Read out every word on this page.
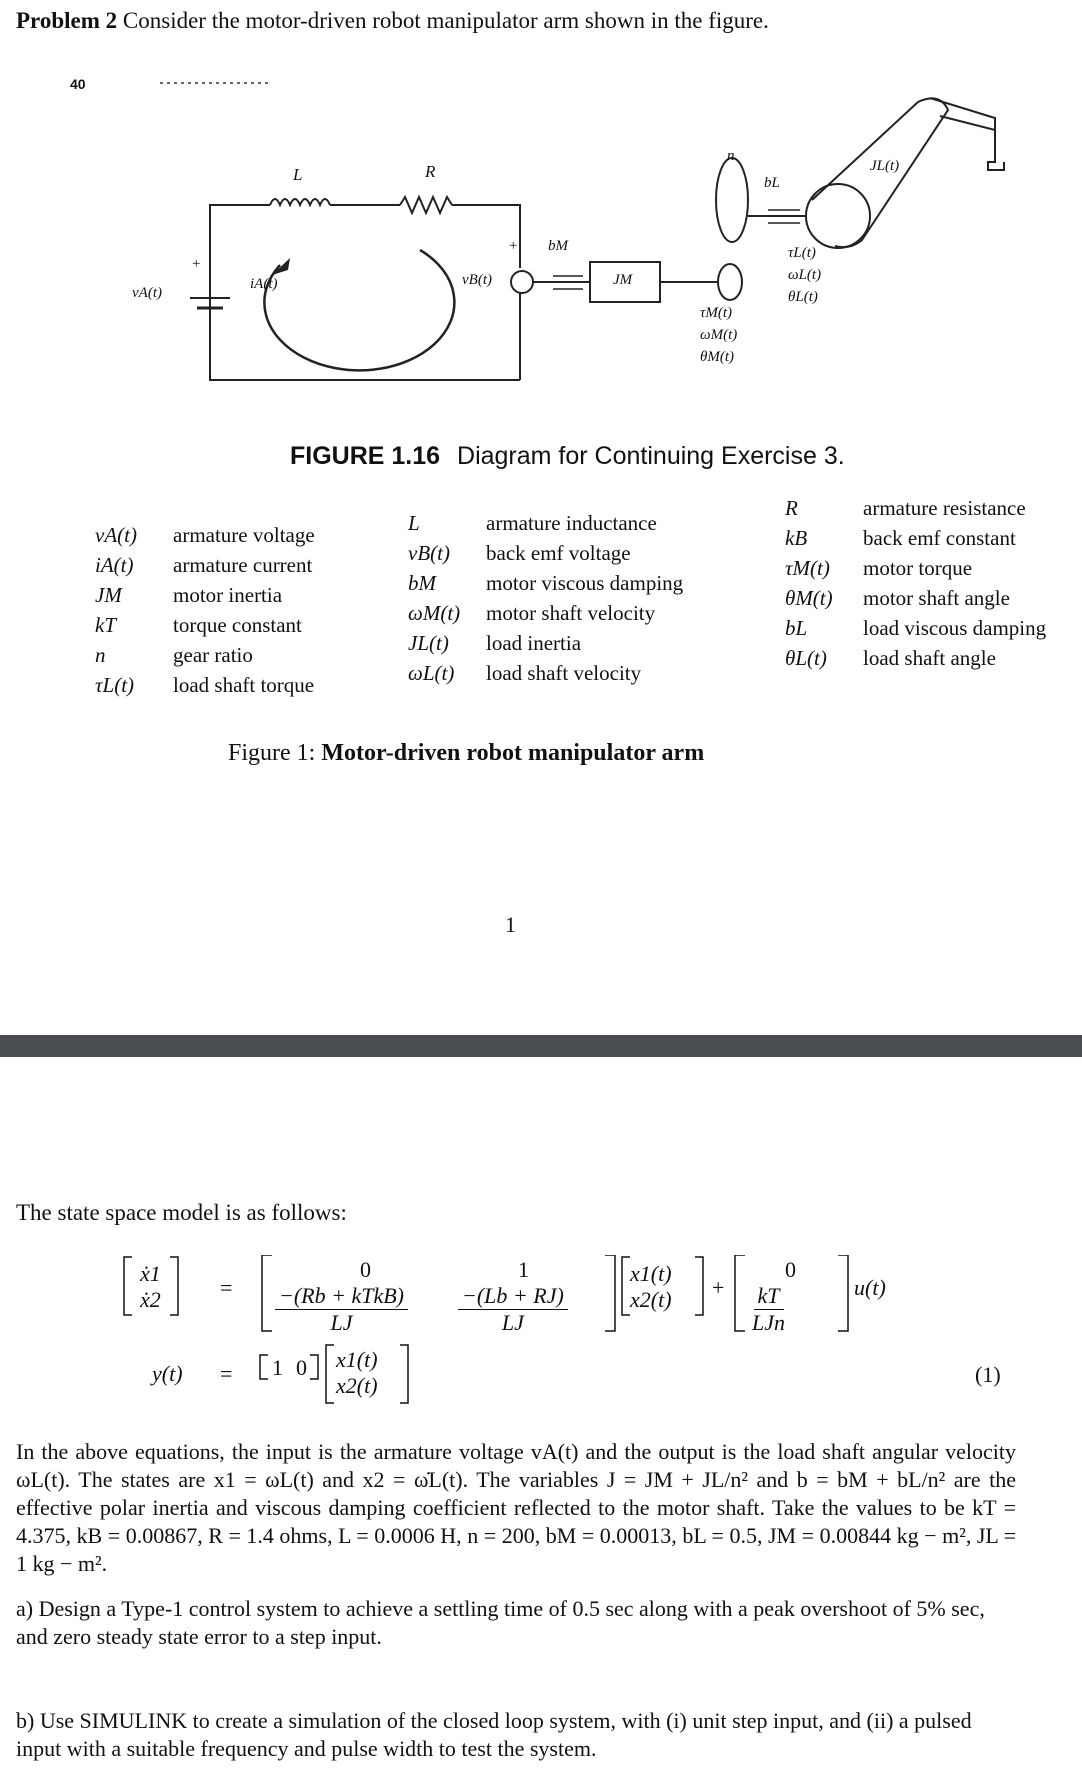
Problem 2 Consider the motor-driven robot manipulator arm shown in the figure.
40
L	R
vA(t)
iA(t)
+
vB(t)
+ bM
JM
n
bL
JL(t)
τM(t)
ωM(t)
θM(t)
τL(t)
ωL(t)
θL(t)
FIGURE 1.16 Diagram for Continuing Exercise 3.
vA(t)	armature voltage
iA(t)	armature current
JM	motor inertia
kT	torque constant
n	gear ratio
τL(t)	load shaft torque
L	armature inductance
vB(t)	back emf voltage
bM	motor viscous damping
ωM(t)	motor shaft velocity
JL(t)	load inertia
ωL(t)	load shaft velocity
R	armature resistance
kB	back emf constant
τM(t)	motor torque
θM(t)	motor shaft angle
bL	load viscous damping
θL(t)	load shaft angle
Figure 1: Motor-driven robot manipulator arm
1
The state space model is as follows:
ẋ1
ẋ2	=
0	1
$\frac{\text{−(Rb + kTkB)}}{LJ} \frac{-(Lb + RJ)}{LJ}$
x1(t)
x2(t) +
0
$\frac{kT}{\text{LJn}}$	u(t)
y(t) = 1 0 x1(t)
x2(t)	(1)
In the above equations, the input is the armature voltage vA(t) and the output is the load shaft angular velocity ωL(t). The states are x1 = ωL(t) and x2 = ω̇L(t). The variables J = JM + JL/n² and b = bM + bL/n² are the effective polar inertia and viscous damping coefficient reflected to the motor shaft. Take the values to be kT = 4.375, kB = 0.00867, R = 1.4 ohms, L = 0.0006 H, n = 200, bM = 0.00013, bL = 0.5, JM = 0.00844 kg − m², JL = 1 kg − m².
a) Design a Type-1 control system to achieve a settling time of 0.5 sec along with a peak overshoot of 5% sec, and zero steady state error to a step input.
b) Use SIMULINK to create a simulation of the closed loop system, with (i) unit step input, and (ii) a pulsed input with a suitable frequency and pulse width to test the system.
